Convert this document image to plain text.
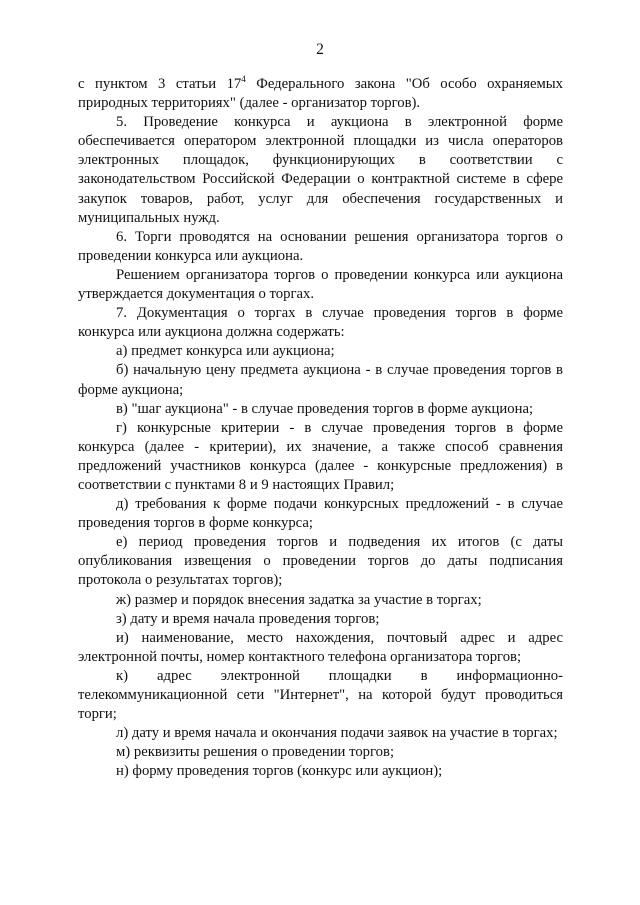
2

с пунктом 3 статьи $17^4$ Федерального закона "Об особо охраняемых природных территориях" (далее - организатор торгов).

5. Проведение конкурса и аукциона в электронной форме обеспечивается оператором электронной площадки из числа операторов электронных площадок, функционирующих в соответствии с законодательством Российской Федерации о контрактной системе в сфере закупок товаров, работ, услуг для обеспечения государственных и муниципальных нужд.

6. Торги проводятся на основании решения организатора торгов о проведении конкурса или аукциона.

Решением организатора торгов о проведении конкурса или аукциона утверждается документация о торгах.

7. Документация о торгах в случае проведения торгов в форме конкурса или аукциона должна содержать:

а) предмет конкурса или аукциона;

б) начальную цену предмета аукциона - в случае проведения торгов в форме аукциона;

в) "шаг аукциона" - в случае проведения торгов в форме аукциона;

г) конкурсные критерии - в случае проведения торгов в форме конкурса (далее - критерии), их значение, а также способ сравнения предложений участников конкурса (далее - конкурсные предложения) в соответствии с пунктами 8 и 9 настоящих Правил;

д) требования к форме подачи конкурсных предложений - в случае проведения торгов в форме конкурса;

е) период проведения торгов и подведения их итогов (с даты опубликования извещения о проведении торгов до даты подписания протокола о результатах торгов);

ж) размер и порядок внесения задатка за участие в торгах;

з) дату и время начала проведения торгов;

и) наименование, место нахождения, почтовый адрес и адрес электронной почты, номер контактного телефона организатора торгов;

к) адрес электронной площадки в информационно-телекоммуникационной сети "Интернет", на которой будут проводиться торги;

л) дату и время начала и окончания подачи заявок на участие в торгах;

м) реквизиты решения о проведении торгов;

н) форму проведения торгов (конкурс или аукцион);
